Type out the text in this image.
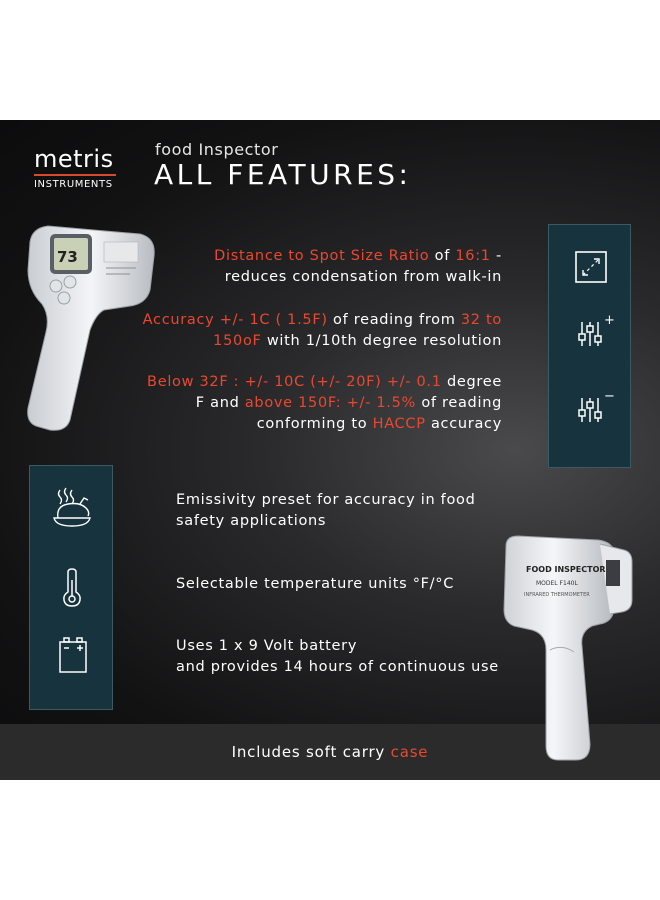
metris
INSTRUMENTS
food Inspector
ALL FEATURES:
73
+
−
Distance to Spot Size Ratio of 16:1 -
reduces condensation from walk-in
Accuracy +/- 1C ( 1.5F) of reading from 32 to
150oF with 1/10th degree resolution
Below 32F : +/- 10C (+/- 20F) +/- 0.1 degree
F and above 150F: +/- 1.5% of reading
conforming to HACCP accuracy
Emissivity preset for accuracy in food
safety applications
Selectable temperature units °F/°C
Uses 1 x 9 Volt battery
and provides 14 hours of continuous use
Includes soft carry case
FOOD INSPECTOR
MODEL F140L
INFRARED THERMOMETER
